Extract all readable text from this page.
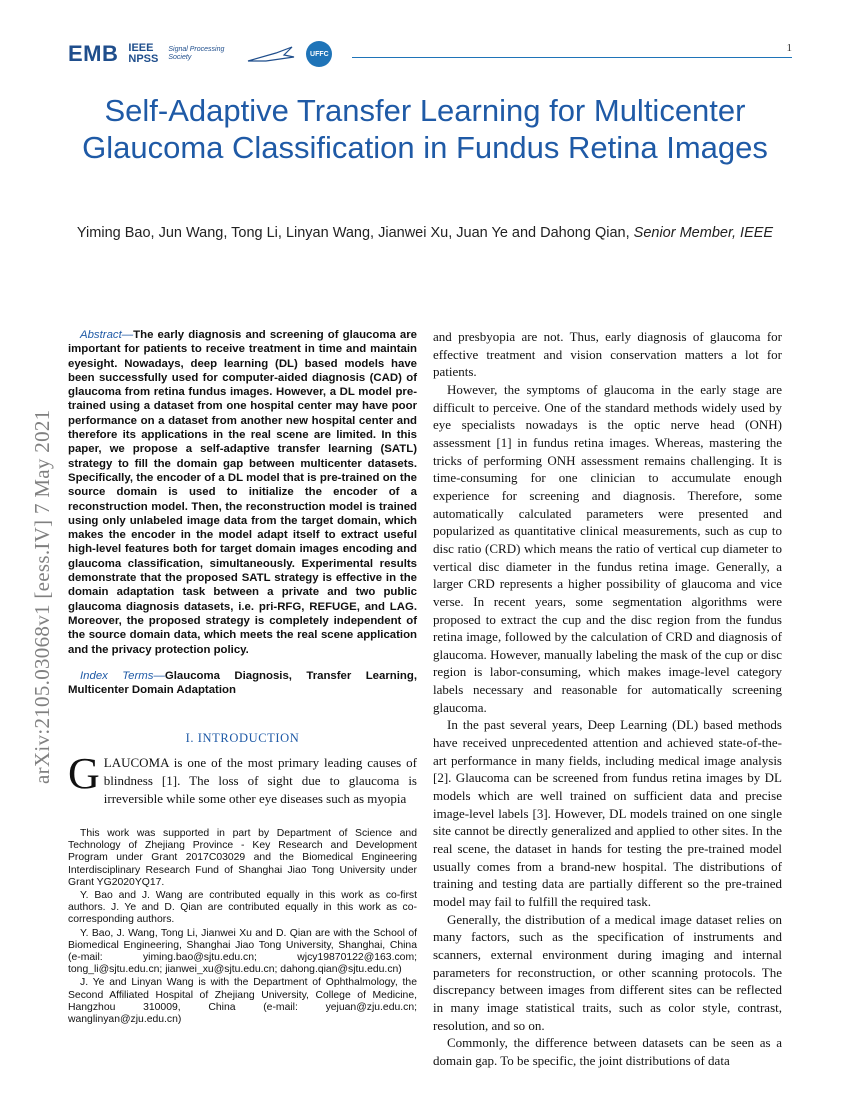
EMB IEEE
NPSS
Signal Processing Society	UFFC	1
arXiv:2105.03068v1 [eess.IV] 7 May 2021
Self-Adaptive Transfer Learning for Multicenter Glaucoma Classification in Fundus Retina Images
Yiming Bao, Jun Wang, Tong Li, Linyan Wang, Jianwei Xu, Juan Ye and Dahong Qian, Senior Member, IEEE

Abstract—The early diagnosis and screening of glaucoma are important for patients to receive treatment in time and maintain eyesight. Nowadays, deep learning (DL) based models have been successfully used for computer-aided diagnosis (CAD) of glaucoma from retina fundus images. However, a DL model pre-trained using a dataset from one hospital center may have poor performance on a dataset from another new hospital center and therefore its applications in the real scene are limited. In this paper, we propose a self-adaptive transfer learning (SATL) strategy to fill the domain gap between multicenter datasets. Specifically, the encoder of a DL model that is pre-trained on the source domain is used to initialize the encoder of a reconstruction model. Then, the reconstruction model is trained using only unlabeled image data from the target domain, which makes the encoder in the model adapt itself to extract useful high-level features both for target domain images encoding and glaucoma classification, simultaneously. Experimental results demonstrate that the proposed SATL strategy is effective in the domain adaptation task between a private and two public glaucoma diagnosis datasets, i.e. pri-RFG, REFUGE, and LAG. Moreover, the proposed strategy is completely independent of the source domain data, which meets the real scene application and the privacy protection policy.

Index Terms—Glaucoma Diagnosis, Transfer Learning, Multicenter Domain Adaptation

I. INTRODUCTION

GLAUCOMA is one of the most primary leading causes of blindness [1]. The loss of sight due to glaucoma is irreversible while some other eye diseases such as myopia

This work was supported in part by Department of Science and Technology of Zhejiang Province - Key Research and Development Program under Grant 2017C03029 and the Biomedical Engineering Interdisciplinary Research Fund of Shanghai Jiao Tong University under Grant YG2020YQ17.

Y. Bao and J. Wang are contributed equally in this work as co-first authors. J. Ye and D. Qian are contributed equally in this work as co-corresponding authors.

Y. Bao, J. Wang, Tong Li, Jianwei Xu and D. Qian are with the School of Biomedical Engineering, Shanghai Jiao Tong University, Shanghai, China (e-mail: yiming.bao@sjtu.edu.cn; wjcy19870122@163.com; tong_li@sjtu.edu.cn; jianwei_xu@sjtu.edu.cn; dahong.qian@sjtu.edu.cn)

J. Ye and Linyan Wang is with the Department of Ophthalmology, the Second Affiliated Hospital of Zhejiang University, College of Medicine, Hangzhou 310009, China (e-mail: yejuan@zju.edu.cn; wanglinyan@zju.edu.cn)

and presbyopia are not. Thus, early diagnosis of glaucoma for effective treatment and vision conservation matters a lot for patients.

However, the symptoms of glaucoma in the early stage are difficult to perceive. One of the standard methods widely used by eye specialists nowadays is the optic nerve head (ONH) assessment [1] in fundus retina images. Whereas, mastering the tricks of performing ONH assessment remains challenging. It is time-consuming for one clinician to accumulate enough experience for screening and diagnosis. Therefore, some automatically calculated parameters were presented and popularized as quantitative clinical measurements, such as cup to disc ratio (CRD) which means the ratio of vertical cup diameter to vertical disc diameter in the fundus retina image. Generally, a larger CRD represents a higher possibility of glaucoma and vice verse. In recent years, some segmentation algorithms were proposed to extract the cup and the disc region from the fundus retina image, followed by the calculation of CRD and diagnosis of glaucoma. However, manually labeling the mask of the cup or disc region is labor-consuming, which makes image-level category labels necessary and reasonable for automatically screening glaucoma.

In the past several years, Deep Learning (DL) based methods have received unprecedented attention and achieved state-of-the-art performance in many fields, including medical image analysis [2]. Glaucoma can be screened from fundus retina images by DL models which are well trained on sufficient data and precise image-level labels [3]. However, DL models trained on one single site cannot be directly generalized and applied to other sites. In the real scene, the dataset in hands for testing the pre-trained model usually comes from a brand-new hospital. The distributions of training and testing data are partially different so the pre-trained model may fail to fulfill the required task.

Generally, the distribution of a medical image dataset relies on many factors, such as the specification of instruments and scanners, external environment during imaging and internal parameters for reconstruction, or other scanning protocols. The discrepancy between images from different sites can be reflected in many image statistical traits, such as color style, contrast, resolution, and so on.

Commonly, the difference between datasets can be seen as a domain gap. To be specific, the joint distributions of data
